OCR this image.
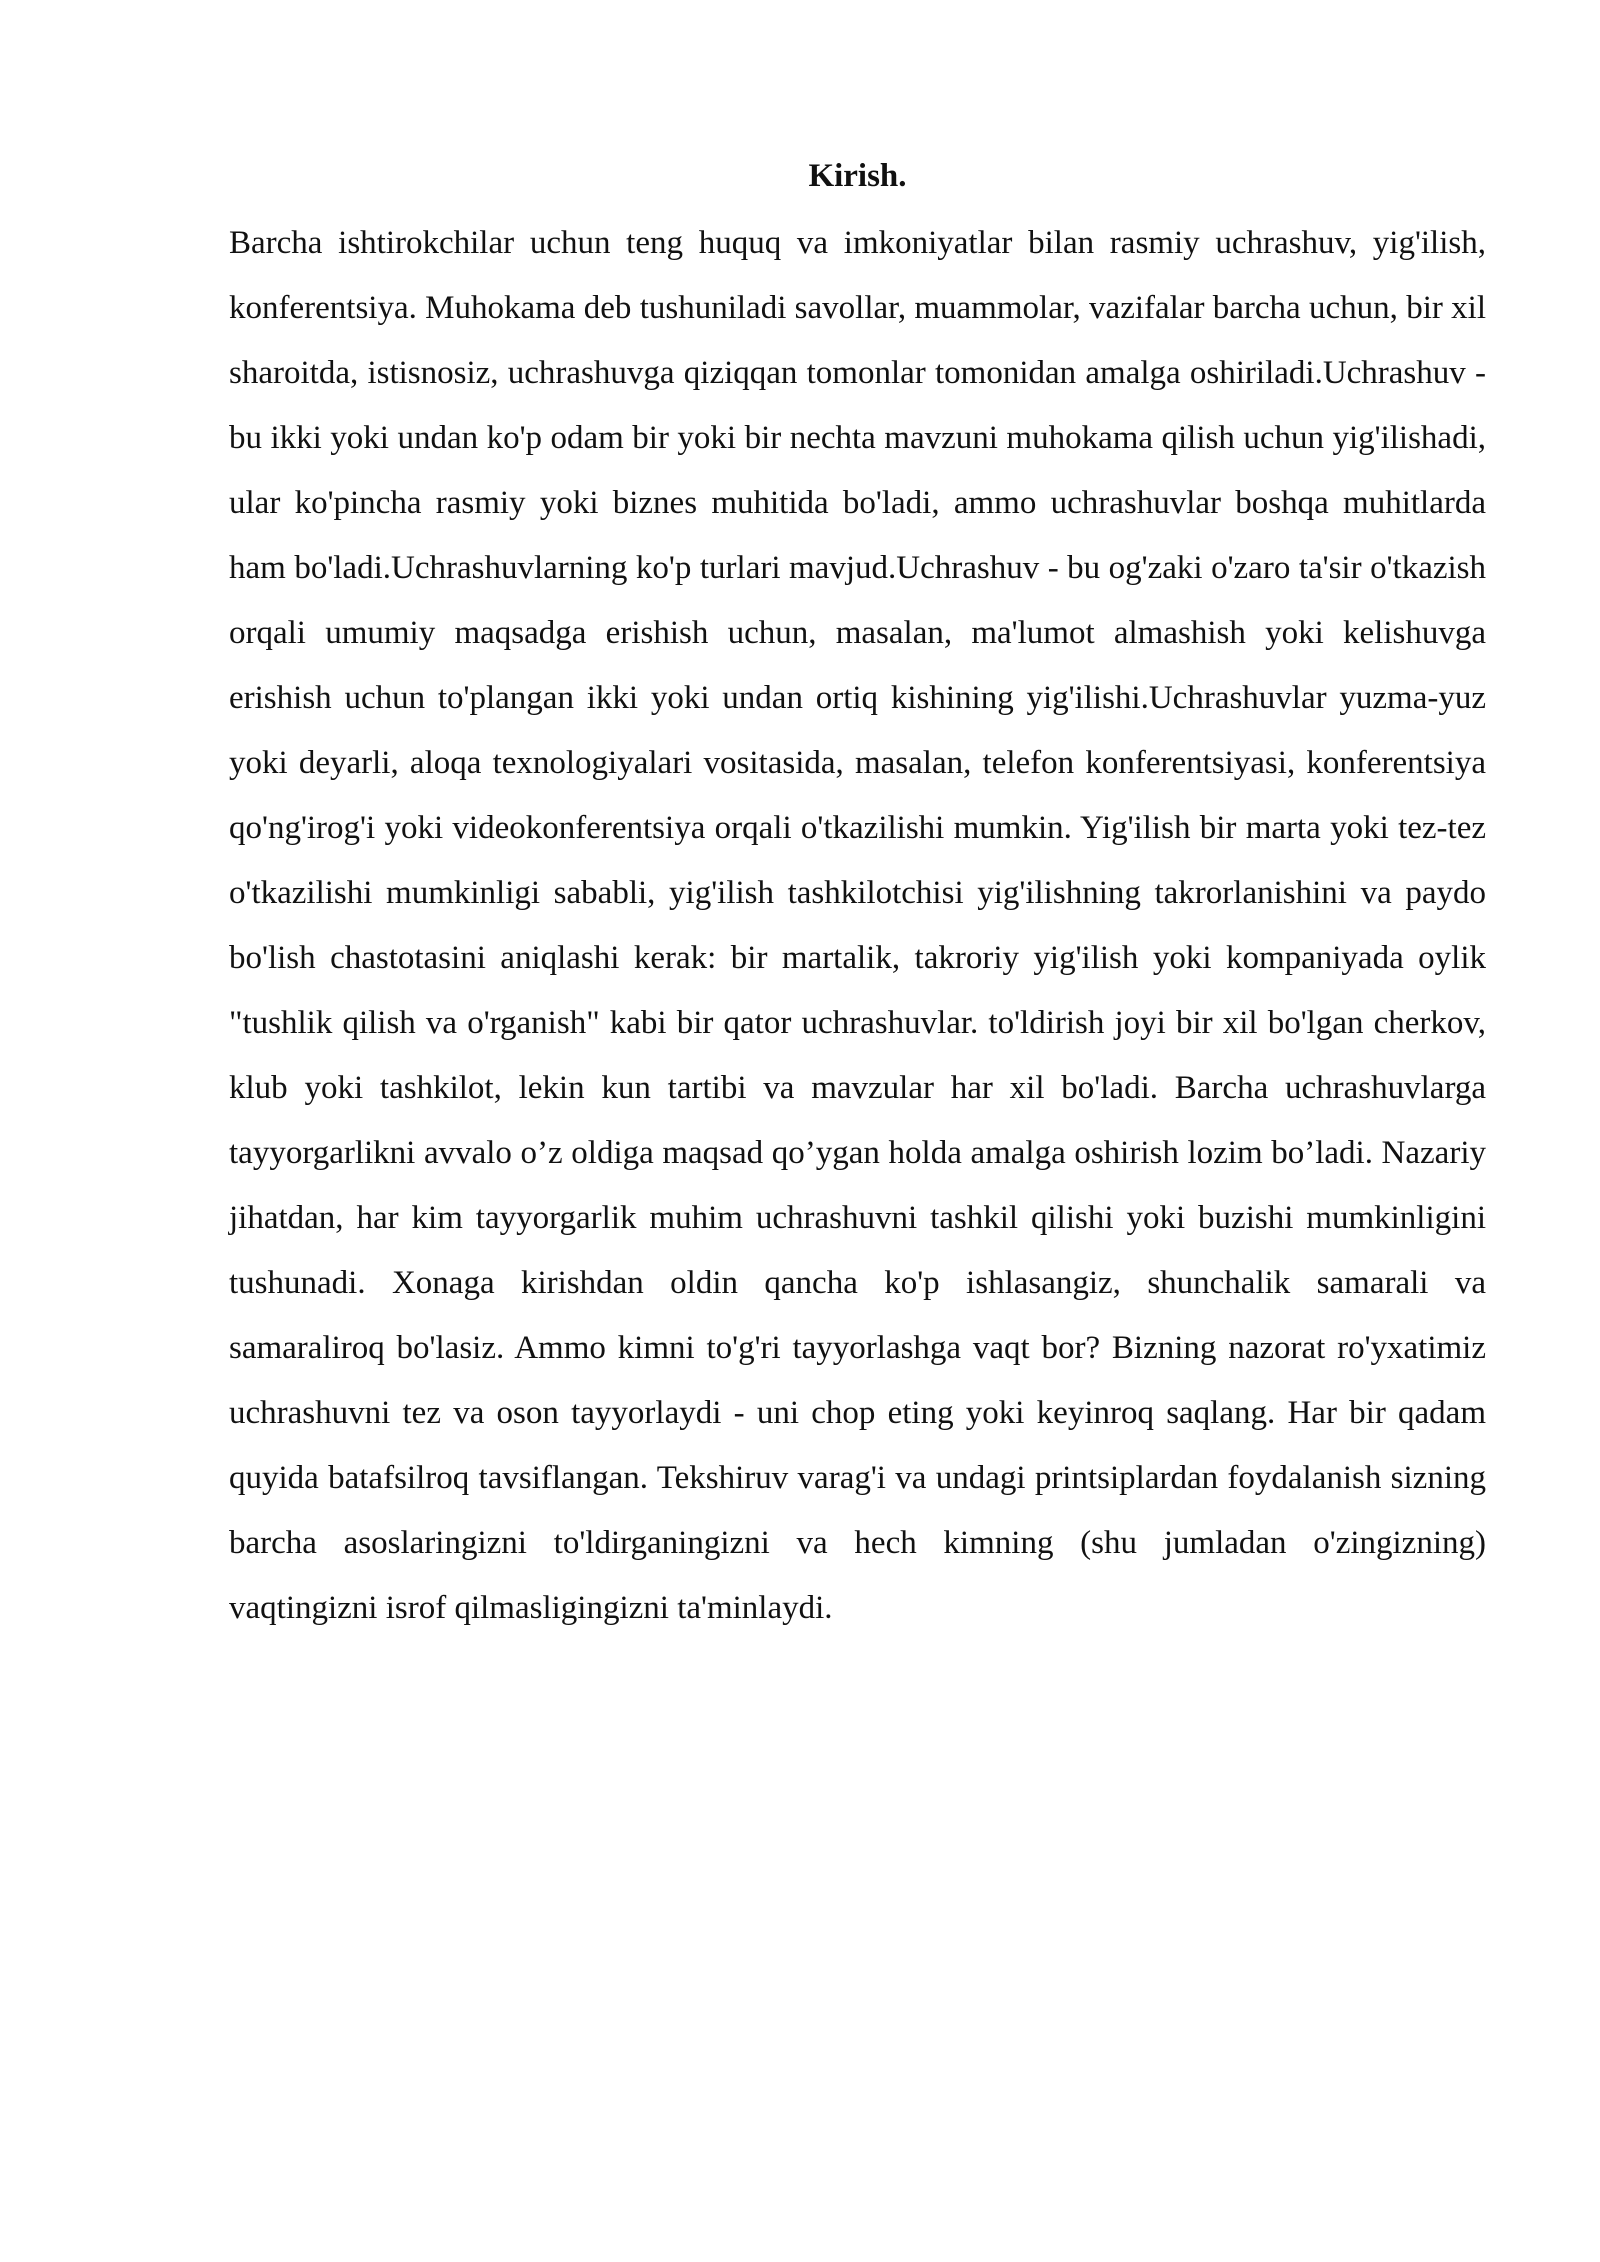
Kirish.

Barcha ishtirokchilar uchun teng huquq va imkoniyatlar bilan rasmiy uchrashuv, yig'ilish, konferentsiya. Muhokama deb tushuniladi savollar, muammolar, vazifalar barcha uchun, bir xil sharoitda, istisnosiz, uchrashuvga qiziqqan tomonlar tomonidan amalga oshiriladi.Uchrashuv - bu ikki yoki undan ko'p odam bir yoki bir nechta mavzuni muhokama qilish uchun yig'ilishadi, ular ko'pincha rasmiy yoki biznes muhitida bo'ladi, ammo uchrashuvlar boshqa muhitlarda ham bo'ladi.Uchrashuvlarning ko'p turlari mavjud.Uchrashuv - bu og'zaki o'zaro ta'sir o'tkazish orqali umumiy maqsadga erishish uchun, masalan, ma'lumot almashish yoki kelishuvga erishish uchun to'plangan ikki yoki undan ortiq kishining yig'ilishi.Uchrashuvlar yuzma-yuz yoki deyarli, aloqa texnologiyalari vositasida, masalan, telefon konferentsiyasi, konferentsiya qo'ng'irog'i yoki videokonferentsiya orqali o'tkazilishi mumkin. Yig'ilish bir marta yoki tez-tez o'tkazilishi mumkinligi sababli, yig'ilish tashkilotchisi yig'ilishning takrorlanishini va paydo bo'lish chastotasini aniqlashi kerak: bir martalik, takroriy yig'ilish yoki kompaniyada oylik "tushlik qilish va o'rganish" kabi bir qator uchrashuvlar. to'ldirish joyi bir xil bo'lgan cherkov, klub yoki tashkilot, lekin kun tartibi va mavzular har xil bo'ladi. Barcha uchrashuvlarga tayyorgarlikni avvalo o’z oldiga maqsad qo’ygan holda amalga oshirish lozim bo’ladi. Nazariy jihatdan, har kim tayyorgarlik muhim uchrashuvni tashkil qilishi yoki buzishi mumkinligini tushunadi. Xonaga kirishdan oldin qancha ko'p ishlasangiz, shunchalik samarali va samaraliroq bo'lasiz. Ammo kimni to'g'ri tayyorlashga vaqt bor? Bizning nazorat ro'yxatimiz uchrashuvni tez va oson tayyorlaydi - uni chop eting yoki keyinroq saqlang. Har bir qadam quyida batafsilroq tavsiflangan. Tekshiruv varag'i va undagi printsiplardan foydalanish sizning barcha asoslaringizni to'ldirganingizni va hech kimning (shu jumladan o'zingizning) vaqtingizni isrof qilmasligingizni ta'minlaydi.
